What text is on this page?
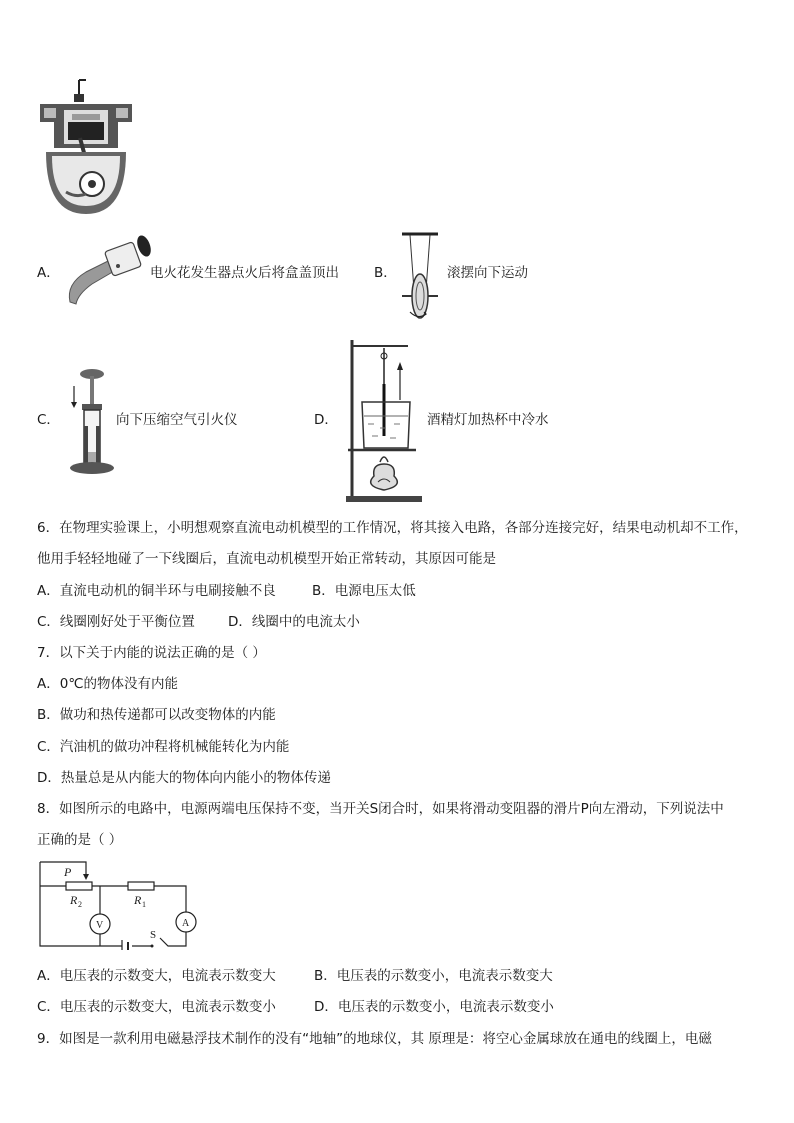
A．	电火花发生器点火后将盒盖顶出	B．	滚摆向下运动
C．	向下压缩空气引火仪	D．	酒精灯加热杯中冷水
6．在物理实验课上，小明想观察直流电动机模型的工作情况，将其接入电路，各部分连接完好，结果电动机却不工作，
他用手轻轻地碰了一下线圈后，直流电动机模型开始正常转动，其原因可能是
A．直流电动机的铜半环与电刷接触不良	B．电源电压太低
C．线圈刚好处于平衡位置 D．线圈中的电流太小
7．以下关于内能的说法正确的是（ ）
A．0℃的物体没有内能
B．做功和热传递都可以改变物体的内能
C．汽油机的做功冲程将机械能转化为内能
D．热量总是从内能大的物体向内能小的物体传递
8．如图所示的电路中，电源两端电压保持不变，当开关S闭合时，如果将滑动变阻器的滑片P向左滑动，下列说法中
正确的是（ ）
P
R 2	R 1
V	A
S
A．电压表的示数变大，电流表示数变大	B．电压表的示数变小，电流表示数变大
C．电压表的示数变大，电流表示数变小	D．电压表的示数变小，电流表示数变小
9．如图是一款利用电磁悬浮技术制作的没有“地轴”的地球仪，其 原理是：将空心金属球放在通电的线圈上，电磁
